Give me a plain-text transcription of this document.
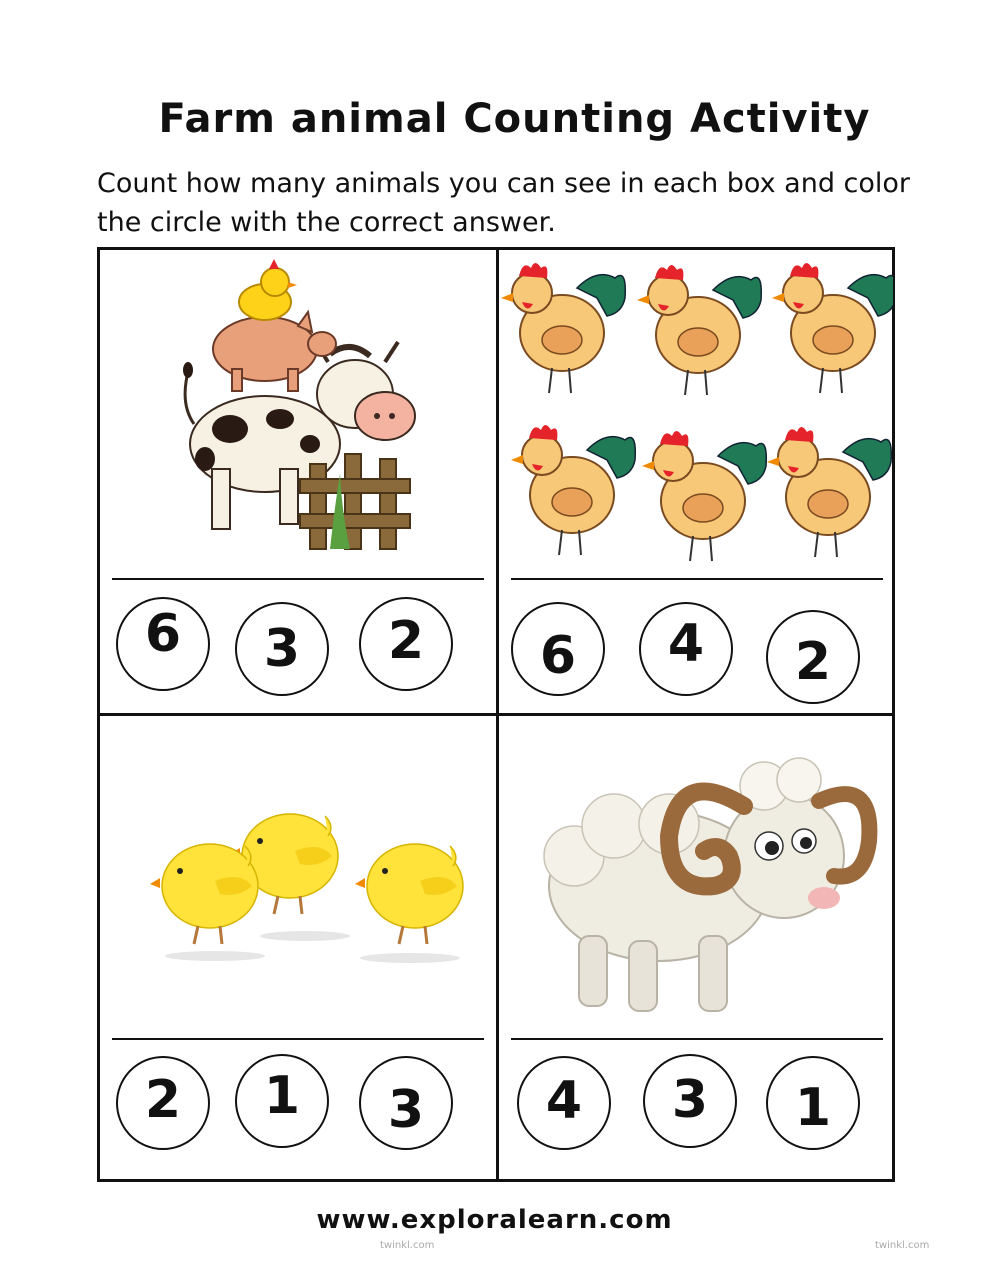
Farm animal Counting Activity
Count how many animals you can see in each box and color
the circle with the correct answer.
6 3 2 6 4 2
2 1 3 4 3 1
www.exploralearn.com
twinkl.com	twinkl.com
